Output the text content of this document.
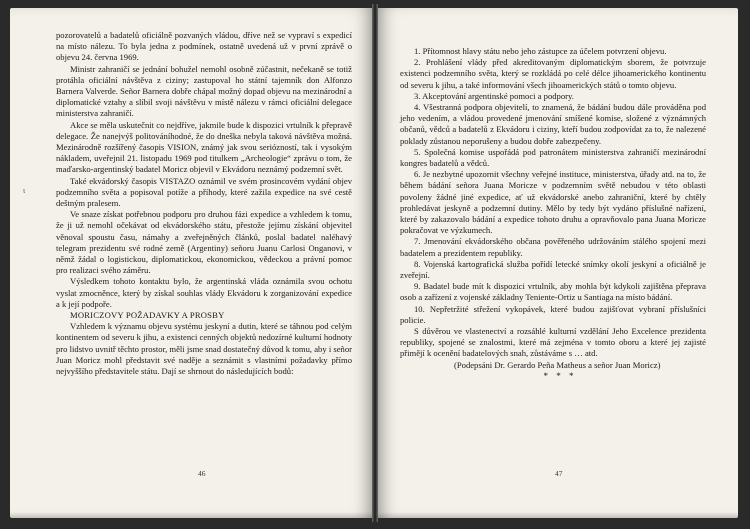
ɩ

pozorovatelů a badatelů oficiálně pozvaných vládou, dříve než se vypraví s expedicí na místo nálezu. To byla jedna z podmínek, ostatně uvedená už v první zprávě o objevu 24. června 1969.

Ministr zahraničí se jednání bohužel nemohl osobně zúčastnit, nečekaně se totiž protáhla oficiální návštěva z ciziny; zastupoval ho státní tajemník don Alfonzo Barnera Valverde. Señor Barnera dobře chápal možný dopad objevu na mezinárodní a diplomatické vztahy a slíbil svoji návštěvu v místě nálezu v rámci oficiální delegace ministerstva zahraničí.

Akce se měla uskutečnit co nejdříve, jakmile bude k dispozici vrtulník k přepravě delegace. Že nanejvýš politováníhodné, že do dneška nebyla taková návštěva možná. Mezinárodně rozšířený časopis VISION, známý jak svou seriózností, tak i vysokým nákladem, uveřejnil 21. listopadu 1969 pod titulkem „Archeologie“ zprávu o tom, že maďarsko-argentinský badatel Moricz objevil v Ekvádoru neznámý podzemní svět.

Také ekvádorský časopis VISTAZO oznámil ve svém prosincovém vydání objev podzemního světa a popisoval potíže a příhody, které zažila expedice na své cestě deštným pralesem.

Ve snaze získat potřebnou podporu pro druhou fázi expedice a vzhledem k tomu, že ji už nemohl očekávat od ekvádorského státu, přestože jejímu získání objevitel věnoval spoustu času, námahy a zveřejněných článků, poslal badatel naléhavý telegram prezidentu své rodné země (Argentiny) señoru Juanu Carlosi Onganovi, v němž žádal o logistickou, diplomatickou, ekonomickou, vědeckou a právní pomoc pro realizaci svého záměru.

Výsledkem tohoto kontaktu bylo, že argentinská vláda oznámila svou ochotu vyslat zmocněnce, který by získal souhlas vlády Ekvádoru k zorganizování expedice a k její podpoře.

MORICZOVY POŽADAVKY A PROSBY

Vzhledem k významu objevu systému jeskyní a dutin, které se táhnou pod celým kontinentem od severu k jihu, a existenci cenných objektů nedozírné kulturní hodnoty pro lidstvo uvnitř těchto prostor, měli jsme snad dostatečný důvod k tomu, aby i señor Juan Moricz mohl představit své naděje a seznámit s vlastními požadavky přímo nejvyššího představitele státu. Dají se shrnout do následujících bodů:

46

1. Přítomnost hlavy státu nebo jeho zástupce za účelem potvrzení objevu.

2. Prohlášení vlády před akreditovaným diplomatickým sborem, že potvrzuje existenci podzemního světa, který se rozkládá po celé délce jihoamerického kontinentu od severu k jihu, a také informování všech jihoamerických států o tomto objevu.

3. Akceptování argentinské pomoci a podpory.

4. Všestranná podpora objevitelí, to znamená, že bádání budou dále prováděna pod jeho vedením, a vládou provedené jmenování smíšené komise, složené z význámných občanů, vědců a badatelů z Ekvádoru i ciziny, kteří budou zodpovídat za to, že nalezené poklady zůstanou neporušeny a budou dobře zabezpečeny.

5. Společná komise uspořádá pod patronátem ministerstva zahraničí mezinárodní kongres badatelů a vědců.

6. Je nezbytné upozornit všechny veřejné instituce, ministerstva, úřady atd. na to, že během bádání señora Juana Moricze v podzemním světě nebudou v této oblasti povoleny žádné jiné expedice, ať už ekvádorské anebo zahraniční, které by chtěly prohledávat jeskyně a podzemní dutiny. Mělo by tedy být vydáno příslušné nařízení, které by zakazovalo bádání a expedice tohoto druhu a opravňovalo pana Juana Moricze pokračovat ve výzkumech.

7. Jmenování ekvádorského občana pověřeného udržováním stálého spojení mezi badatelem a prezidentem republiky.

8. Vojenská kartografická služba pořídí letecké snímky okolí jeskyní a oficiálně je zveřejní.

9. Badatel bude mít k dispozici vrtulník, aby mohla být kdykoli zajištěna přeprava osob a zařízení z vojenské základny Teniente-Ortiz u Santiaga na místo bádání.

10. Nepřetržité střežení vykopávek, které budou zajišťovat vybraní příslušníci policie.

S důvěrou ve vlastenectví a rozsáhlé kulturní vzdělání Jeho Excelence prezidenta republiky, spojené se znalostmi, které má zejména v tomto oboru a které jej zajisté přimějí k ocenění badatelových snah, zůstáváme s … atd.

(Podepsáni Dr. Gerardo Peña Matheus a señor Juan Moricz)

* * *

47
